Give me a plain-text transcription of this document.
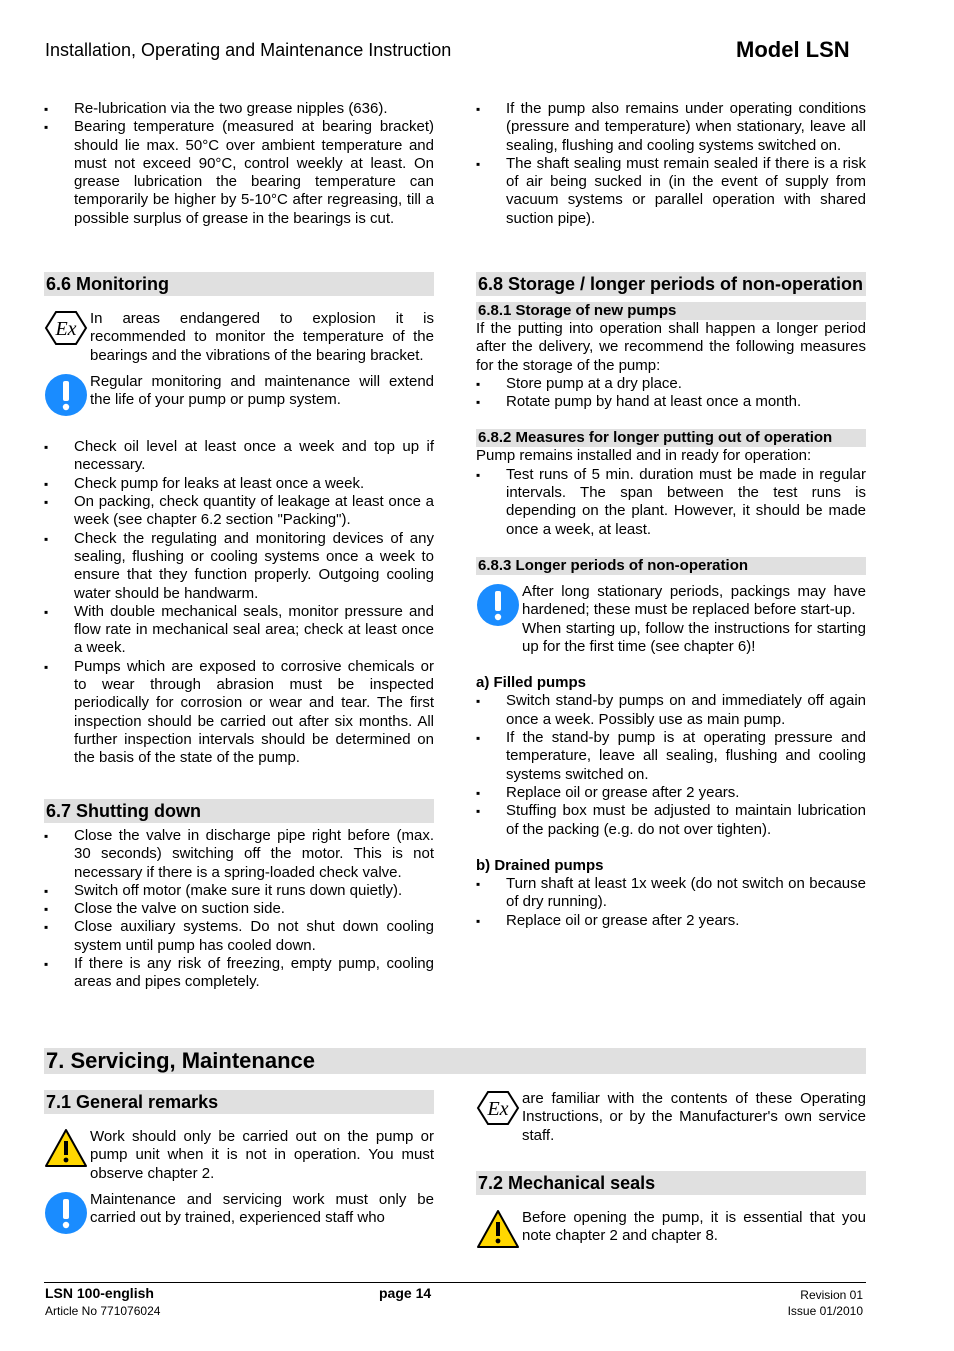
Installation, Operating and Maintenance Instruction	Model LSN
▪ Re-lubrication via the two grease nipples (636).
▪ Bearing temperature (measured at bearing bracket) should lie max. 50°C over ambient temperature and must not exceed 90°C, control weekly at least. On grease lubrication the bearing temperature can temporarily be higher by 5-10°C after regreasing, till a possible surplus of grease in the bearings is cut.
6.6 Monitoring
Ex In areas endangered to explosion it is recommended to monitor the temperature of the bearings and the vibrations of the bearing bracket.
Regular monitoring and maintenance will extend the life of your pump or pump system.
▪ Check oil level at least once a week and top up if necessary.
▪ Check pump for leaks at least once a week.
▪ On packing, check quantity of leakage at least once a week (see chapter 6.2 section "Packing").
▪ Check the regulating and monitoring devices of any sealing, flushing or cooling systems once a week to ensure that they function properly. Outgoing cooling water should be handwarm.
▪ With double mechanical seals, monitor pressure and flow rate in mechanical seal area; check at least once a week.
▪ Pumps which are exposed to corrosive chemicals or to wear through abrasion must be inspected periodically for corrosion or wear and tear. The first inspection should be carried out after six months. All further inspection intervals should be determined on the basis of the state of the pump.
6.7 Shutting down
▪ Close the valve in discharge pipe right before (max. 30 seconds) switching off the motor. This is not necessary if there is a spring-loaded check valve.
▪ Switch off motor (make sure it runs down quietly).
▪ Close the valve on suction side.
▪ Close auxiliary systems. Do not shut down cooling system until pump has cooled down.
▪ If there is any risk of freezing, empty pump, cooling areas and pipes completely.
▪ If the pump also remains under operating conditions (pressure and temperature) when stationary, leave all sealing, flushing and cooling systems switched on.
▪ The shaft sealing must remain sealed if there is a risk of air being sucked in (in the event of supply from vacuum systems or parallel operation with shared suction pipe).
6.8 Storage / longer periods of non-operation
6.8.1 Storage of new pumps

If the putting into operation shall happen a longer period after the delivery, we recommend the following measures for the storage of the pump:

▪ Store pump at a dry place.
▪ Rotate pump by hand at least once a month.
6.8.2 Measures for longer putting out of operation

Pump remains installed and in ready for operation:

▪ Test runs of 5 min. duration must be made in regular intervals. The span between the test runs is depending on the plant. However, it should be made once a week, at least.
6.8.3 Longer periods of non-operation

After long stationary periods, packings may have hardened; these must be replaced before start-up.

When starting up, follow the instructions for starting up for the first time (see chapter 6)!

a) Filled pumps
▪ Switch stand-by pumps on and immediately off again once a week. Possibly use as main pump.
▪ If the stand-by pump is at operating pressure and temperature, leave all sealing, flushing and cooling systems switched on.
▪ Replace oil or grease after 2 years.
▪ Stuffing box must be adjusted to maintain lubrication of the packing (e.g. do not over tighten).
b) Drained pumps
▪ Turn shaft at least 1x week (do not switch on because of dry running).
▪ Replace oil or grease after 2 years.
7. Servicing, Maintenance
7.1 General remarks
Work should only be carried out on the pump or pump unit when it is not in operation. You must observe chapter 2.
Maintenance and servicing work must only be carried out by trained, experienced staff who
Ex are familiar with the contents of these Operating Instructions, or by the Manufacturer's own service staff.
7.2 Mechanical seals
Before opening the pump, it is essential that you note chapter 2 and chapter 8.
LSN 100-english
Article No 771076024
page 14	Revision 01
Issue 01/2010
